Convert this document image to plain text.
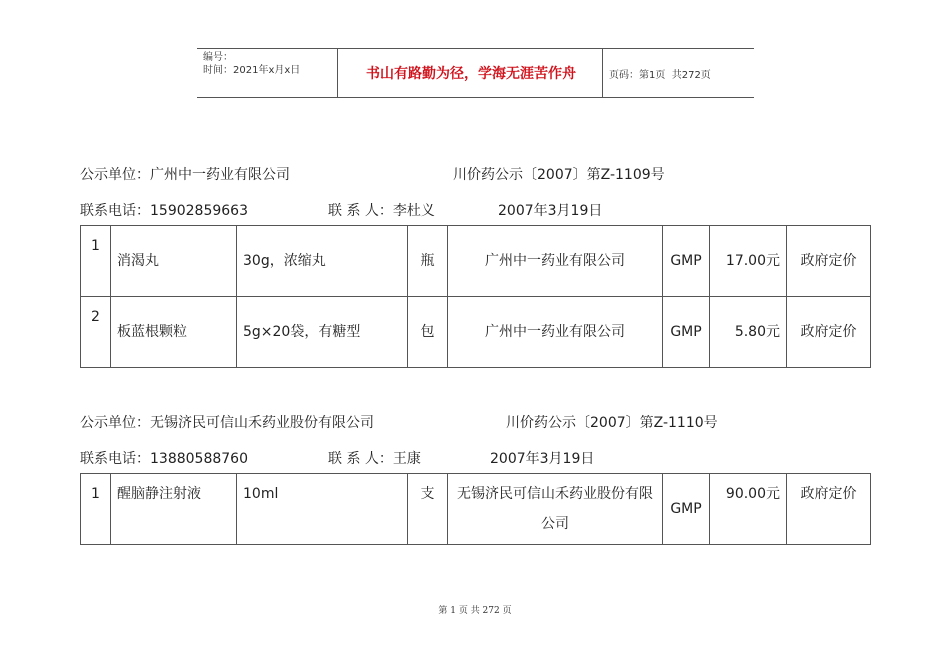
编号：
时间：2021年x月x日	书山有路勤为径，学海无涯苦作舟	页码：第1页  共272页
公示单位：广州中一药业有限公司	川价药公示〔2007〕第Z-1109号
联系电话：15902859663	联 系 人：李杜义	2007年3月19日
1	消渴丸	30g，浓缩丸	瓶	广州中一药业有限公司	GMP	17.00元	政府定价
2	板蓝根颗粒	5g×20袋，有糖型	包	广州中一药业有限公司	GMP	5.80元	政府定价
公示单位：无锡济民可信山禾药业股份有限公司	川价药公示〔2007〕第Z-1110号
联系电话：13880588760	联 系 人：王康	2007年3月19日
1	醒脑静注射液	10ml	支	无锡济民可信山禾药业股份有限公司	GMP	90.00元	政府定价
第 1 页 共 272 页
